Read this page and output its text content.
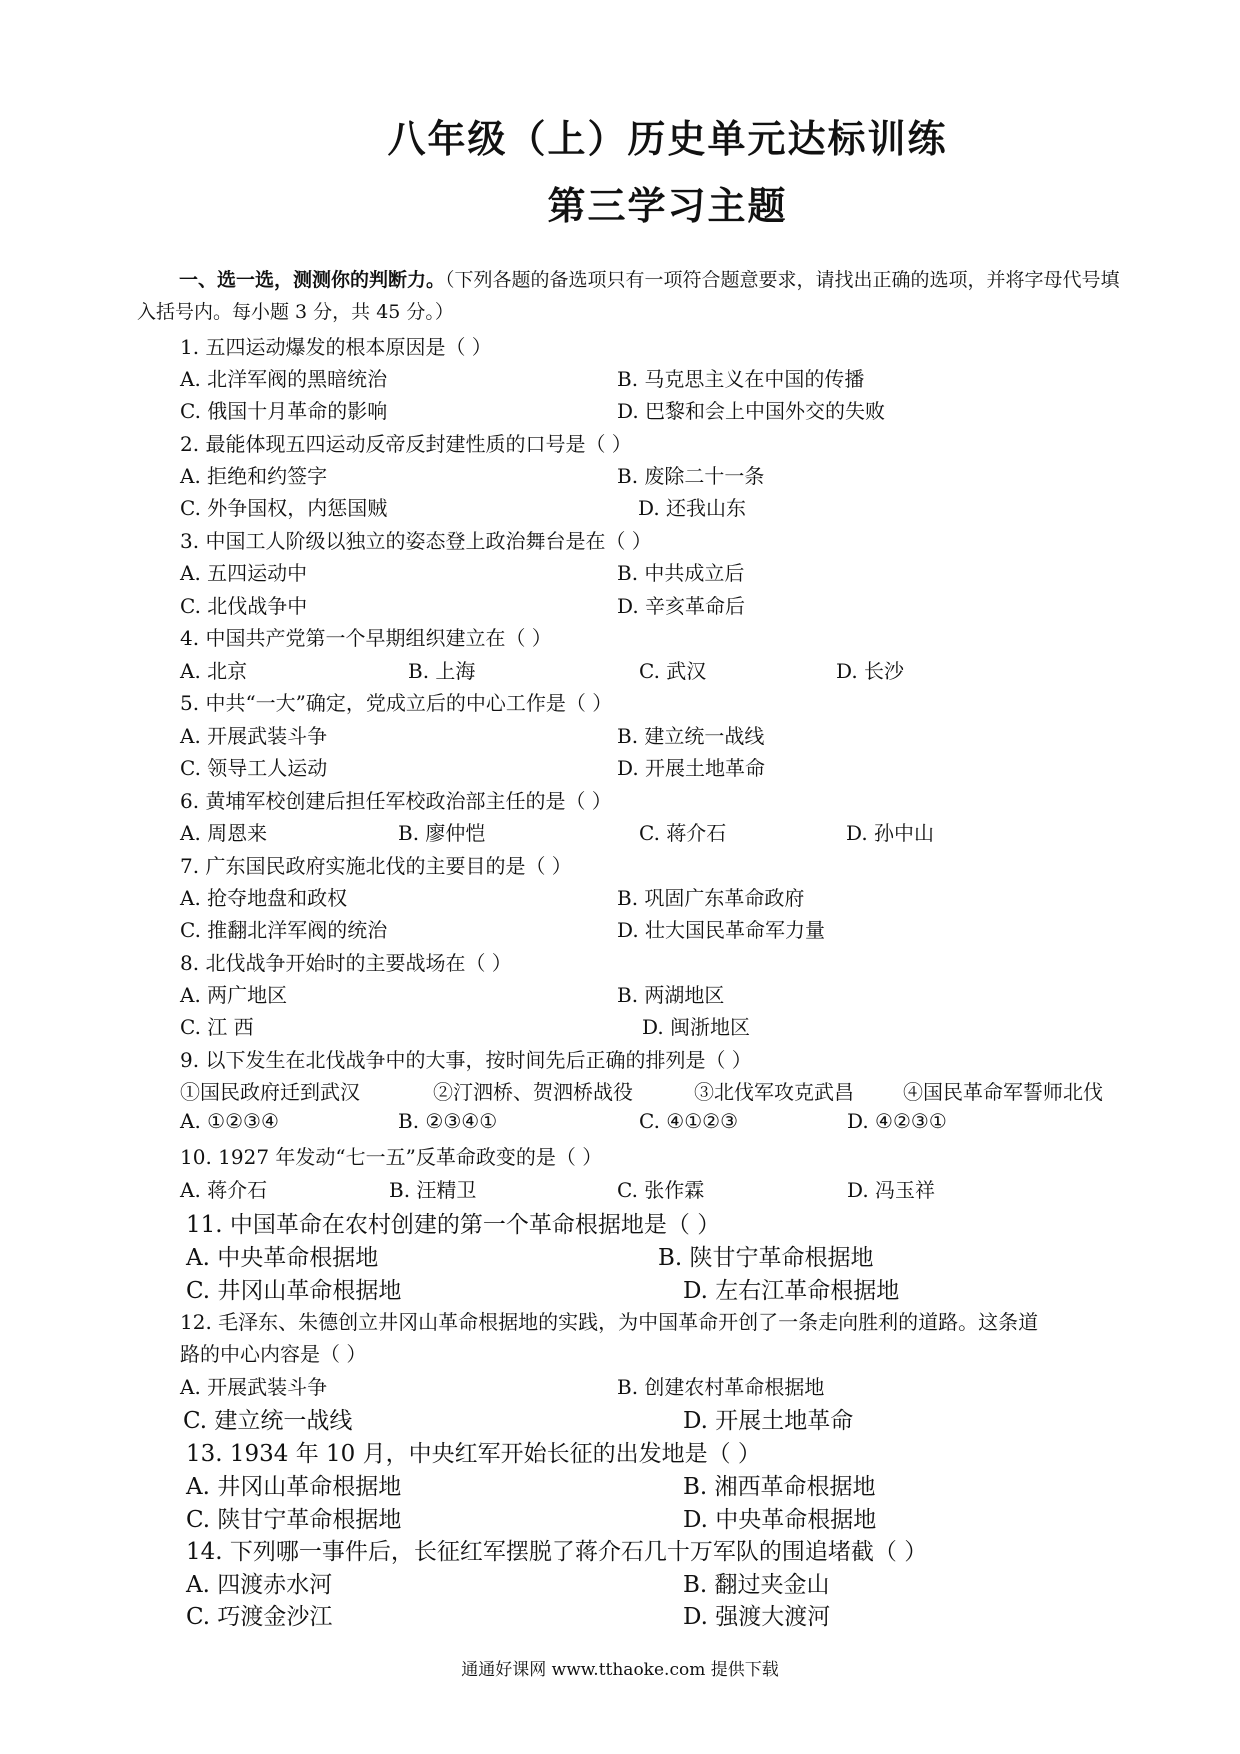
八年级（上）历史单元达标训练
第三学习主题
一、选一选，测测你的判断力。（下列各题的备选项只有一项符合题意要求，请找出正确的选项，并将字母代号填入括号内。每小题 3 分，共 45 分。）
1. 五四运动爆发的根本原因是（ ）
A. 北洋军阀的黑暗统治	B. 马克思主义在中国的传播
C. 俄国十月革命的影响	D. 巴黎和会上中国外交的失败
2. 最能体现五四运动反帝反封建性质的口号是（ ）
A. 拒绝和约签字	B. 废除二十一条
C. 外争国权，内惩国贼	D. 还我山东
3. 中国工人阶级以独立的姿态登上政治舞台是在（ ）
A. 五四运动中	B. 中共成立后
C. 北伐战争中	D. 辛亥革命后
4. 中国共产党第一个早期组织建立在（ ）
A. 北京	B. 上海	C. 武汉	D. 长沙
5. 中共“一大”确定，党成立后的中心工作是（ ）
A. 开展武装斗争	B. 建立统一战线
C. 领导工人运动	D. 开展土地革命
6. 黄埔军校创建后担任军校政治部主任的是（ ）
A. 周恩来	B. 廖仲恺	C. 蒋介石	D. 孙中山
7. 广东国民政府实施北伐的主要目的是（ ）
A. 抢夺地盘和政权	B. 巩固广东革命政府
C. 推翻北洋军阀的统治	D. 壮大国民革命军力量
8. 北伐战争开始时的主要战场在（ ）
A. 两广地区	B. 两湖地区
C. 江 西	D. 闽浙地区
9. 以下发生在北伐战争中的大事，按时间先后正确的排列是（ ）
①国民政府迁到武汉	②汀泗桥、贺泗桥战役	③北伐军攻克武昌 ④国民革命军誓师北伐
A. ①②③④	B. ②③④①	C. ④①②③	D. ④②③①
10. 1927 年发动“七一五”反革命政变的是（ ）
A. 蒋介石	B. 汪精卫	C. 张作霖	D. 冯玉祥
11. 中国革命在农村创建的第一个革命根据地是（ ）
A. 中央革命根据地	B. 陕甘宁革命根据地
C. 井冈山革命根据地	D. 左右江革命根据地
12. 毛泽东、朱德创立井冈山革命根据地的实践，为中国革命开创了一条走向胜利的道路。这条道
路的中心内容是（ ）
A. 开展武装斗争	B. 创建农村革命根据地
C. 建立统一战线	D. 开展土地革命
13. 1934 年 10 月，中央红军开始长征的出发地是（ ）
A. 井冈山革命根据地	B. 湘西革命根据地
C. 陕甘宁革命根据地	D. 中央革命根据地
14. 下列哪一事件后，长征红军摆脱了蒋介石几十万军队的围追堵截（ ）
A. 四渡赤水河	B. 翻过夹金山
C. 巧渡金沙江	D. 强渡大渡河
通通好课网 www.tthaoke.com 提供下载
